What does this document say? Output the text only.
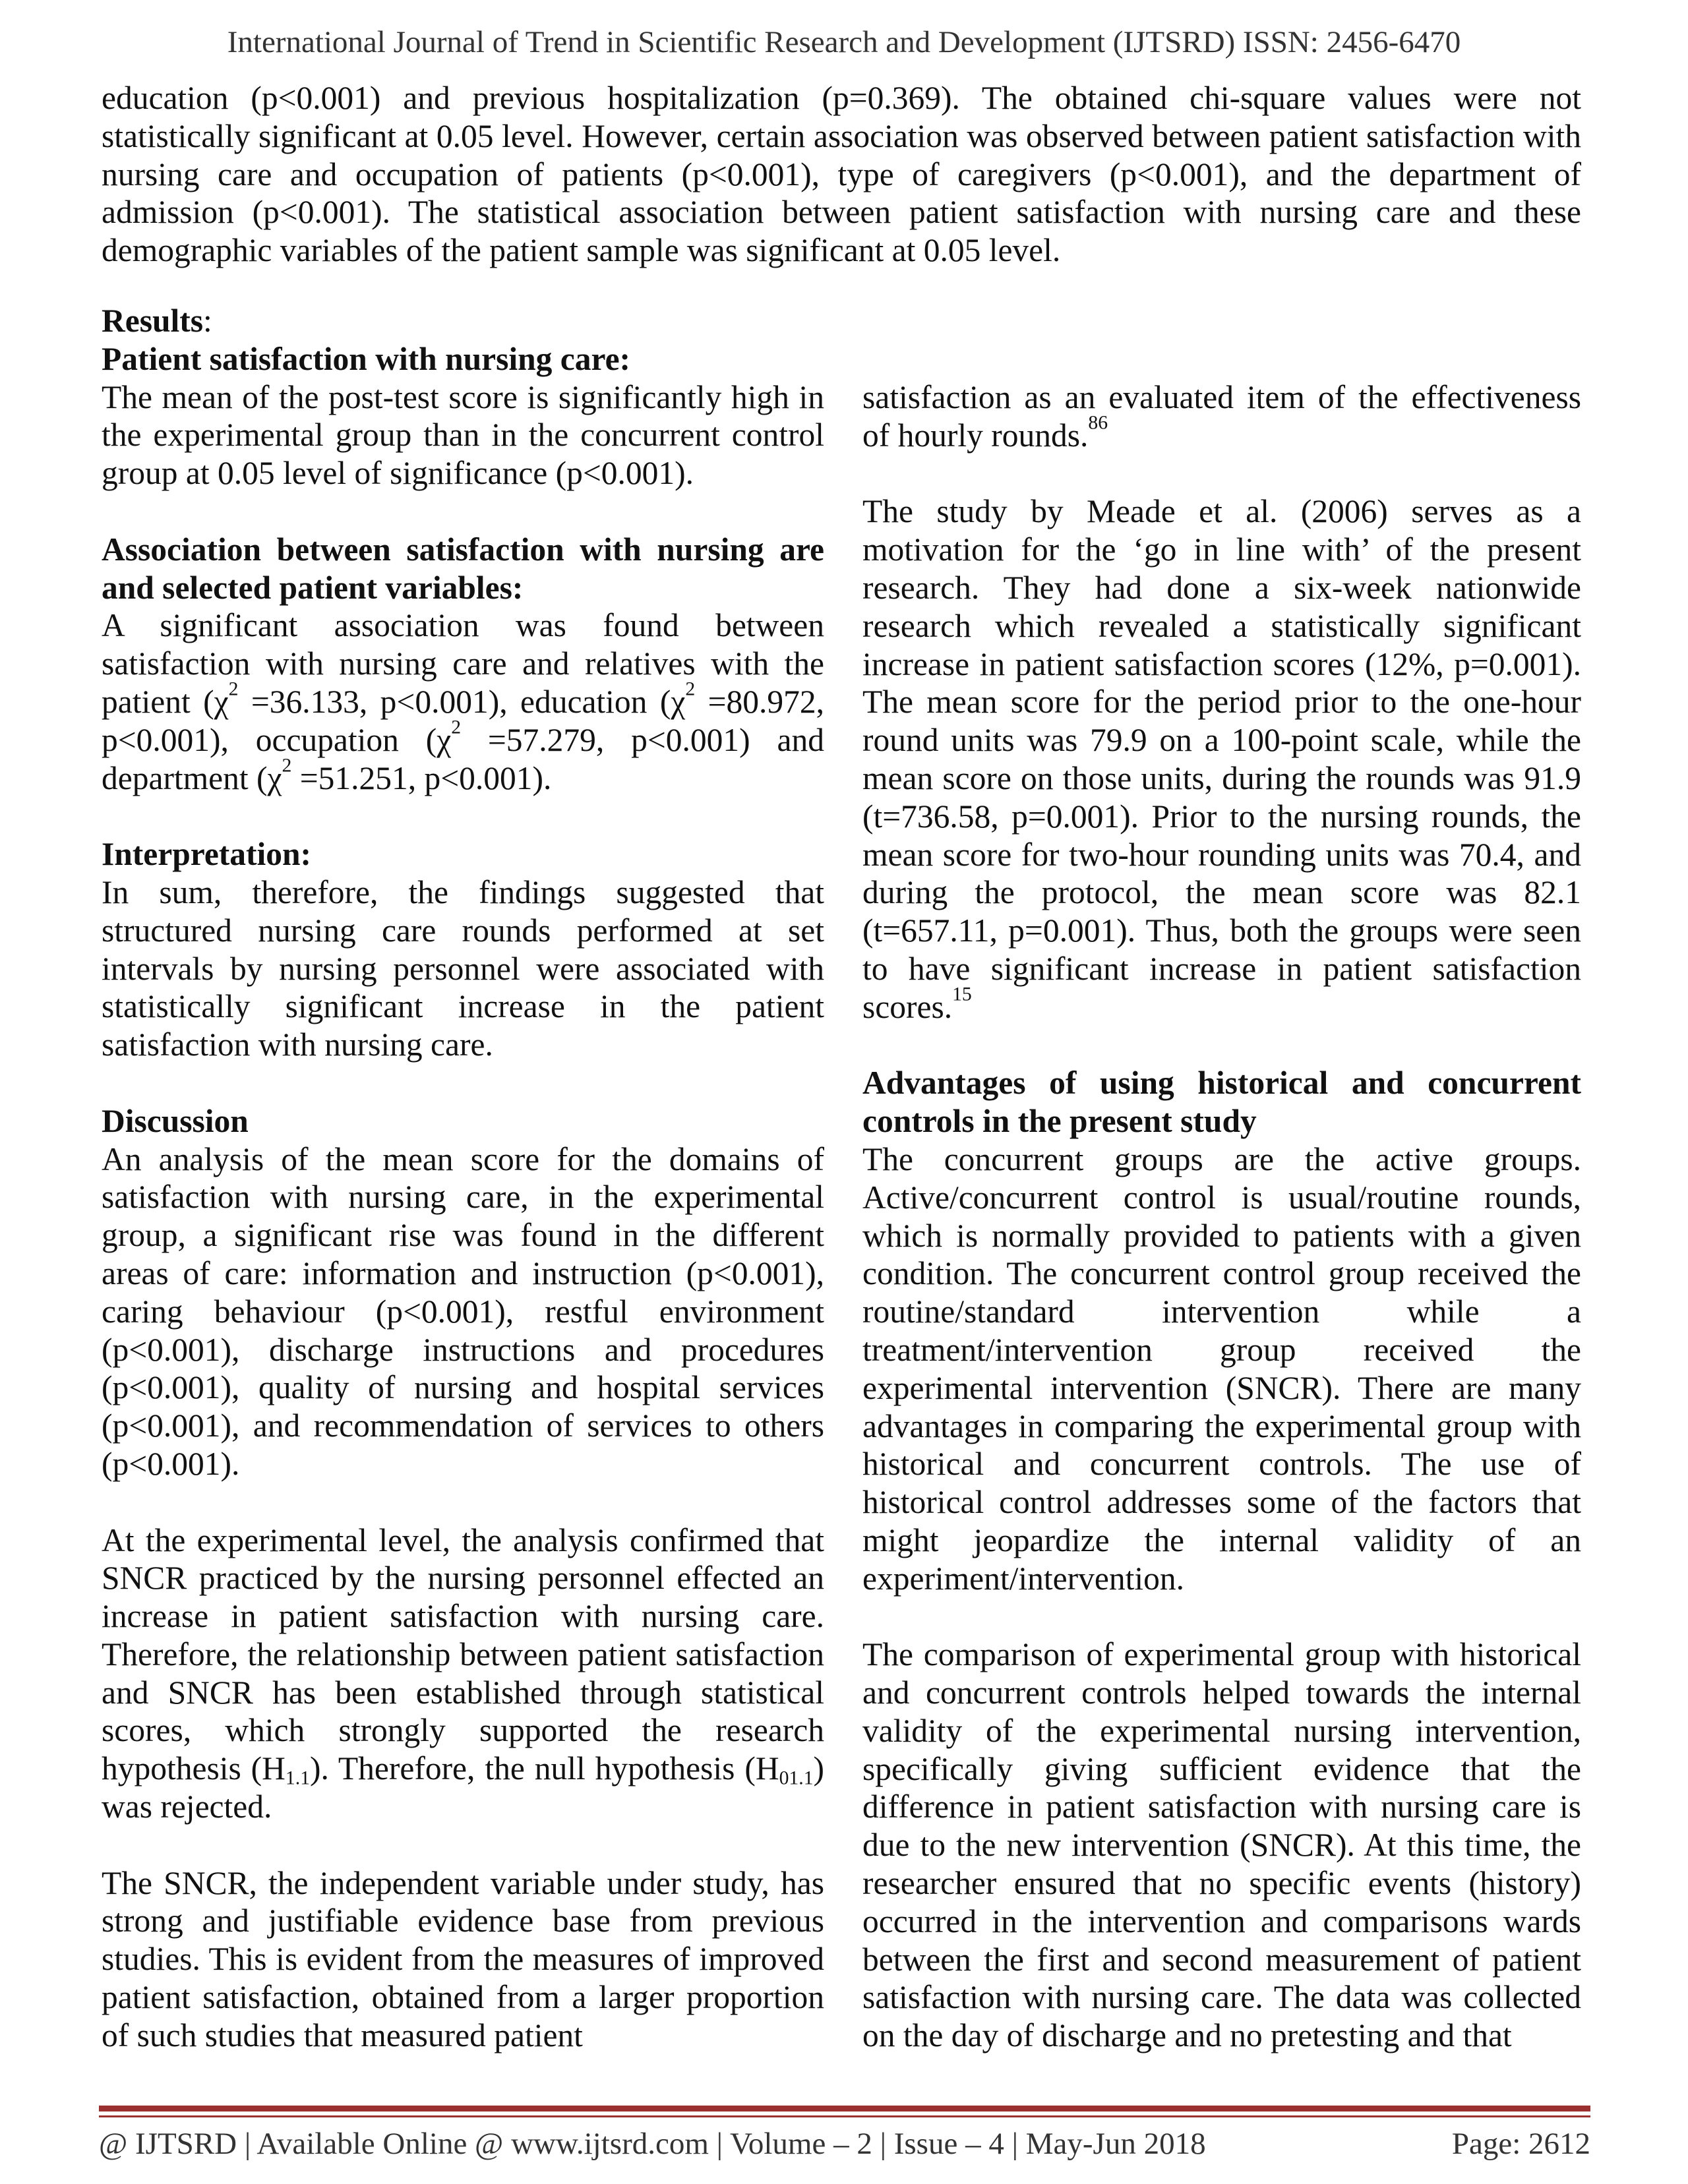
International Journal of Trend in Scientific Research and Development (IJTSRD) ISSN: 2456-6470

education (p<0.001) and previous hospitalization (p=0.369). The obtained chi-square values were not statistically significant at 0.05 level. However, certain association was observed between patient satisfaction with nursing care and occupation of patients (p<0.001), type of caregivers (p<0.001), and the department of admission (p<0.001). The statistical association between patient satisfaction with nursing care and these demographic variables of the patient sample was significant at 0.05 level.

Results:

Patient satisfaction with nursing care:

The mean of the post-test score is significantly high in the experimental group than in the concurrent control group at 0.05 level of significance (p<0.001).

Association between satisfaction with nursing are and selected patient variables:

A significant association was found between satisfaction with nursing care and relatives with the patient ($\chi^2 =36.133$, p<0.001), education ($\chi^2 =80.972$, p<0.001), occupation ($\chi^2 =57.279$, p<0.001) and department ($\chi^2 =51.251$, p<0.001).

Interpretation:

In sum, therefore, the findings suggested that structured nursing care rounds performed at set intervals by nursing personnel were associated with statistically significant increase in the patient satisfaction with nursing care.

Discussion

An analysis of the mean score for the domains of satisfaction with nursing care, in the experimental group, a significant rise was found in the different areas of care: information and instruction (p<0.001), caring behaviour (p<0.001), restful environment (p<0.001), discharge instructions and procedures (p<0.001), quality of nursing and hospital services (p<0.001), and recommendation of services to others (p<0.001).

At the experimental level, the analysis confirmed that SNCR practiced by the nursing personnel effected an increase in patient satisfaction with nursing care. Therefore, the relationship between patient satisfaction and SNCR has been established through statistical scores, which strongly supported the research hypothesis $(H_{1.1})$. Therefore, the null hypothesis $(H_{01.1})$ was rejected.

The SNCR, the independent variable under study, has strong and justifiable evidence base from previous studies. This is evident from the measures of improved patient satisfaction, obtained from a larger proportion of such studies that measured patient

satisfaction as an evaluated item of the effectiveness of hourly rounds.$^{86}$

The study by Meade et al. (2006) serves as a motivation for the ‘go in line with’ of the present research. They had done a six-week nationwide research which revealed a statistically significant increase in patient satisfaction scores (12%, p=0.001). The mean score for the period prior to the one-hour round units was 79.9 on a 100-point scale, while the mean score on those units, during the rounds was 91.9 (t=736.58, p=0.001). Prior to the nursing rounds, the mean score for two-hour rounding units was 70.4, and during the protocol, the mean score was 82.1 (t=657.11, p=0.001). Thus, both the groups were seen to have significant increase in patient satisfaction scores.$^{15}$

Advantages of using historical and concurrent controls in the present study

The concurrent groups are the active groups. Active/concurrent control is usual/routine rounds, which is normally provided to patients with a given condition. The concurrent control group received the routine/standard intervention while a treatment/intervention group received the experimental intervention (SNCR). There are many advantages in comparing the experimental group with historical and concurrent controls. The use of historical control addresses some of the factors that might jeopardize the internal validity of an experiment/intervention.

The comparison of experimental group with historical and concurrent controls helped towards the internal validity of the experimental nursing intervention, specifically giving sufficient evidence that the difference in patient satisfaction with nursing care is due to the new intervention (SNCR). At this time, the researcher ensured that no specific events (history) occurred in the intervention and comparisons wards between the first and second measurement of patient satisfaction with nursing care. The data was collected on the day of discharge and no pretesting and that

@ IJTSRD | Available Online @ www.ijtsrd.com | Volume – 2 | Issue – 4 | May-Jun 2018	Page: 2612
